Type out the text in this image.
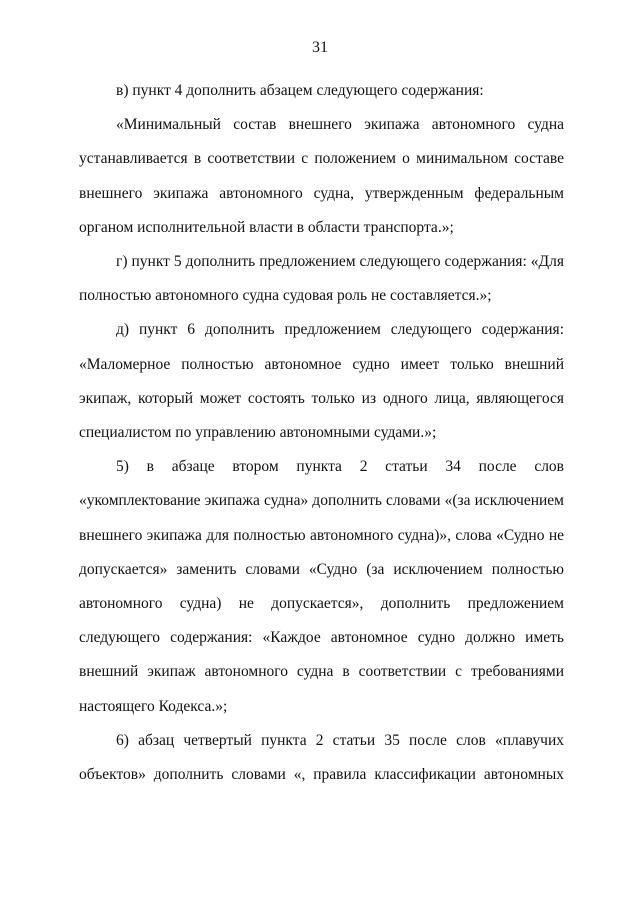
31

в) пункт 4 дополнить абзацем следующего содержания:

«Минимальный состав внешнего экипажа автономного судна устанавливается в соответствии с положением о минимальном составе внешнего экипажа автономного судна, утвержденным федеральным органом исполнительной власти в области транспорта.»;

г) пункт 5 дополнить предложением следующего содержания: «Для полностью автономного судна судовая роль не составляется.»;

д) пункт 6 дополнить предложением следующего содержания: «Маломерное полностью автономное судно имеет только внешний экипаж, который может состоять только из одного лица, являющегося специалистом по управлению автономными судами.»;

5) в абзаце втором пункта 2 статьи 34 после слов «укомплектование экипажа судна» дополнить словами «(за исключением внешнего экипажа для полностью автономного судна)», слова «Судно не допускается» заменить словами «Судно (за исключением полностью автономного судна) не допускается», дополнить предложением следующего содержания: «Каждое автономное судно должно иметь внешний экипаж автономного судна в соответствии с требованиями настоящего Кодекса.»;

6) абзац четвертый пункта 2 статьи 35 после слов «плавучих объектов» дополнить словами «, правила классификации автономных
